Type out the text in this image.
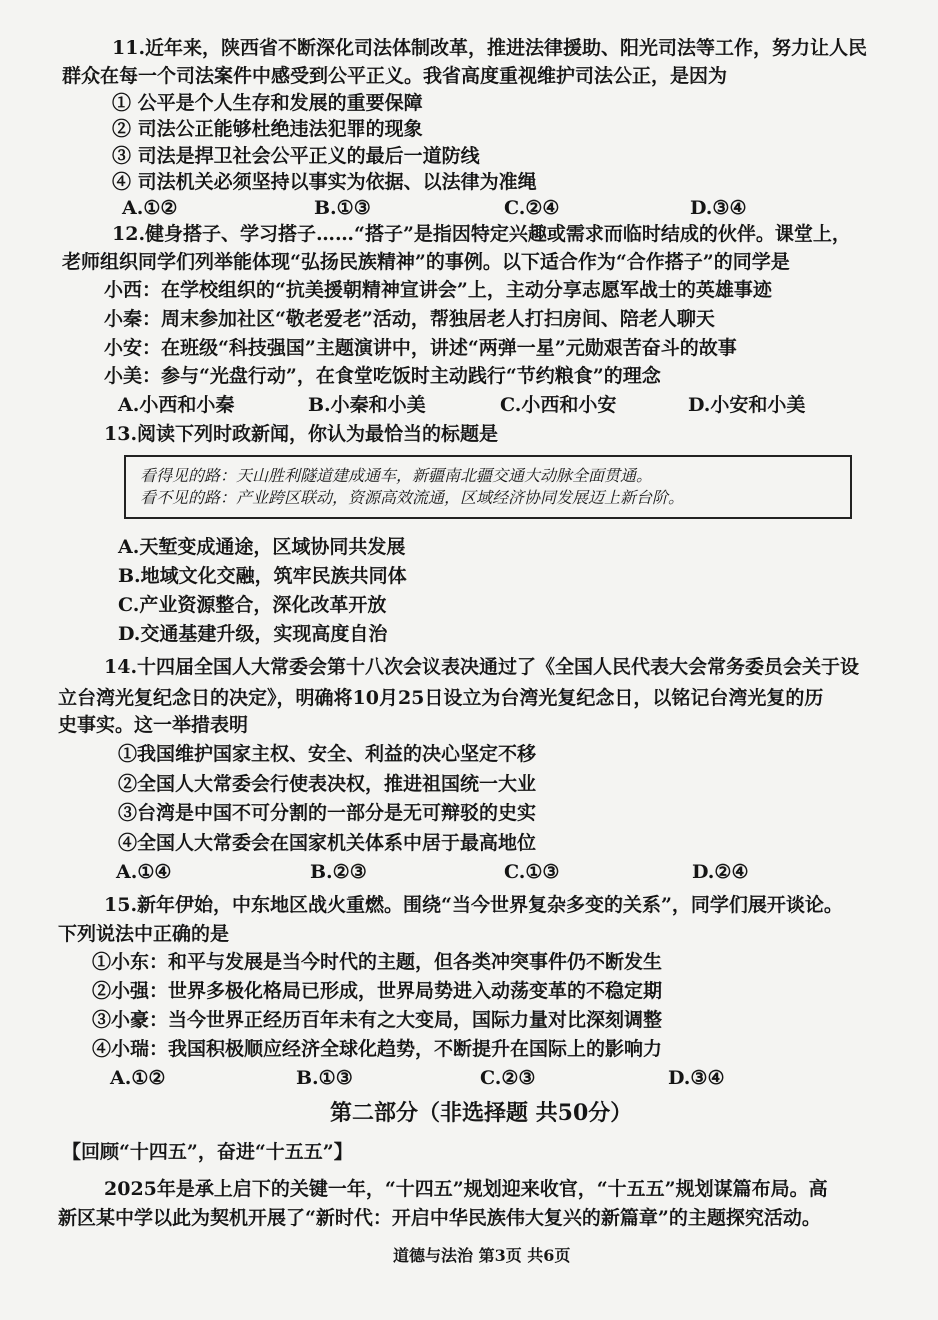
11.近年来，陕西省不断深化司法体制改革，推进法律援助、阳光司法等工作，努力让人民
群众在每一个司法案件中感受到公平正义。我省高度重视维护司法公正，是因为
① 公平是个人生存和发展的重要保障
② 司法公正能够杜绝违法犯罪的现象
③ 司法是捍卫社会公平正义的最后一道防线
④ 司法机关必须坚持以事实为依据、以法律为准绳
A.①②	B.①③	C.②④	D.③④
12.健身搭子、学习搭子……“搭子”是指因特定兴趣或需求而临时结成的伙伴。课堂上，
老师组织同学们列举能体现“弘扬民族精神”的事例。以下适合作为“合作搭子”的同学是
小西：在学校组织的“抗美援朝精神宣讲会”上，主动分享志愿军战士的英雄事迹
小秦：周末参加社区“敬老爱老”活动，帮独居老人打扫房间、陪老人聊天
小安：在班级“科技强国”主题演讲中，讲述“两弹一星”元勋艰苦奋斗的故事
小美：参与“光盘行动”，在食堂吃饭时主动践行“节约粮食”的理念
A.小西和小秦	B.小秦和小美	C.小西和小安	D.小安和小美
13.阅读下列时政新闻，你认为最恰当的标题是
看得见的路：天山胜利隧道建成通车，新疆南北疆交通大动脉全面贯通。
看不见的路：产业跨区联动，资源高效流通，区域经济协同发展迈上新台阶。
A.天堑变成通途，区域协同共发展
B.地域文化交融，筑牢民族共同体
C.产业资源整合，深化改革开放
D.交通基建升级，实现高度自治
14.十四届全国人大常委会第十八次会议表决通过了《全国人民代表大会常务委员会关于设
立台湾光复纪念日的决定》，明确将10月25日设立为台湾光复纪念日，以铭记台湾光复的历
史事实。这一举措表明
①我国维护国家主权、安全、利益的决心坚定不移
②全国人大常委会行使表决权，推进祖国统一大业
③台湾是中国不可分割的一部分是无可辩驳的史实
④全国人大常委会在国家机关体系中居于最高地位
A.①④	B.②③	C.①③	D.②④
15.新年伊始，中东地区战火重燃。围绕“当今世界复杂多变的关系”，同学们展开谈论。
下列说法中正确的是
①小东：和平与发展是当今时代的主题，但各类冲突事件仍不断发生
②小强：世界多极化格局已形成，世界局势进入动荡变革的不稳定期
③小豪：当今世界正经历百年未有之大变局，国际力量对比深刻调整
④小瑞：我国积极顺应经济全球化趋势，不断提升在国际上的影响力
A.①②	B.①③	C.②③	D.③④
第二部分（非选择题 共50分）
【回顾“十四五”，奋进“十五五”】
2025年是承上启下的关键一年，“十四五”规划迎来收官，“十五五”规划谋篇布局。高
新区某中学以此为契机开展了“新时代：开启中华民族伟大复兴的新篇章”的主题探究活动。
道德与法治 第3页 共6页
